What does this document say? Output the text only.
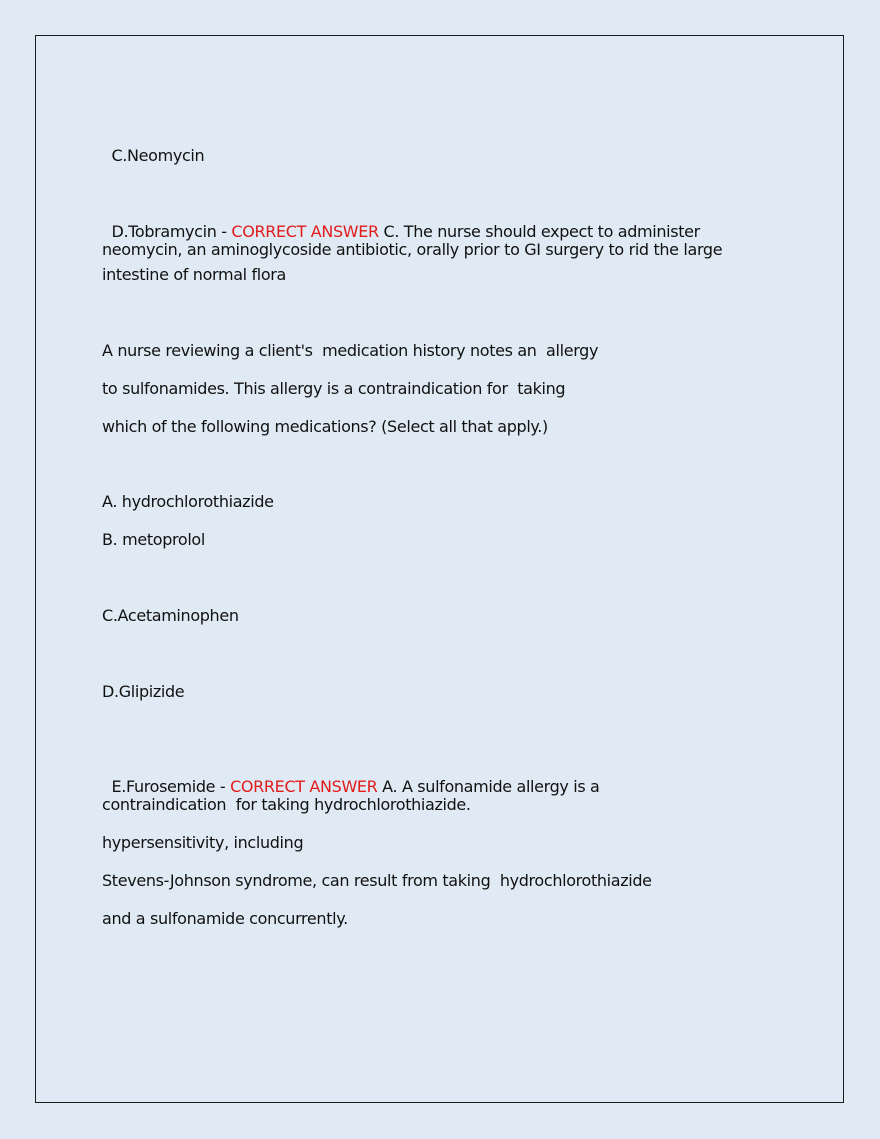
C.Neomycin

D.Tobramycin - CORRECT ANSWER C. The nurse should expect to administer

neomycin, an aminoglycoside antibiotic, orally prior to GI surgery to rid the large
intestine of normal flora
A nurse reviewing a client's  medication history notes an  allergy
to sulfonamides. This allergy is a contraindication for  taking
which of the following medications? (Select all that apply.)
A. hydrochlorothiazide
B. metoprolol
C.Acetaminophen
D.Glipizide

E.Furosemide - CORRECT ANSWER A. A sulfonamide allergy is a

contraindication  for taking hydrochlorothiazide.
hypersensitivity, including
Stevens-Johnson syndrome, can result from taking  hydrochlorothiazide
and a sulfonamide concurrently.
